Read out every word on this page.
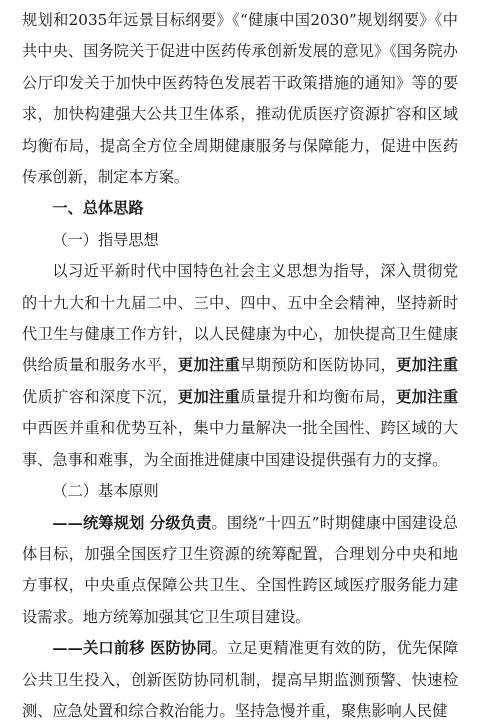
规划和2035年远景目标纲要》《“健康中国2030”规划纲要》《中共中央、国务院关于促进中医药传承创新发展的意见》《国务院办公厅印发关于加快中医药特色发展若干政策措施的通知》等的要求，加快构建强大公共卫生体系，推动优质医疗资源扩容和区域均衡布局，提高全方位全周期健康服务与保障能力，促进中医药传承创新，制定本方案。

一、总体思路

（一）指导思想

以习近平新时代中国特色社会主义思想为指导，深入贯彻党的十九大和十九届二中、三中、四中、五中全会精神，坚持新时代卫生与健康工作方针，以人民健康为中心，加快提高卫生健康供给质量和服务水平，更加注重早期预防和医防协同，更加注重优质扩容和深度下沉，更加注重质量提升和均衡布局，更加注重中西医并重和优势互补，集中力量解决一批全国性、跨区域的大事、急事和难事，为全面推进健康中国建设提供强有力的支撑。

（二）基本原则

——统筹规划 分级负责。围绕“十四五”时期健康中国建设总体目标，加强全国医疗卫生资源的统筹配置，合理划分中央和地方事权，中央重点保障公共卫生、全国性跨区域医疗服务能力建设需求。地方统筹加强其它卫生项目建设。

——关口前移 医防协同。立足更精准更有效的防，优先保障公共卫生投入，创新医防协同机制，提高早期监测预警、快速检测、应急处置和综合救治能力。坚持急慢并重，聚焦影响人民健
